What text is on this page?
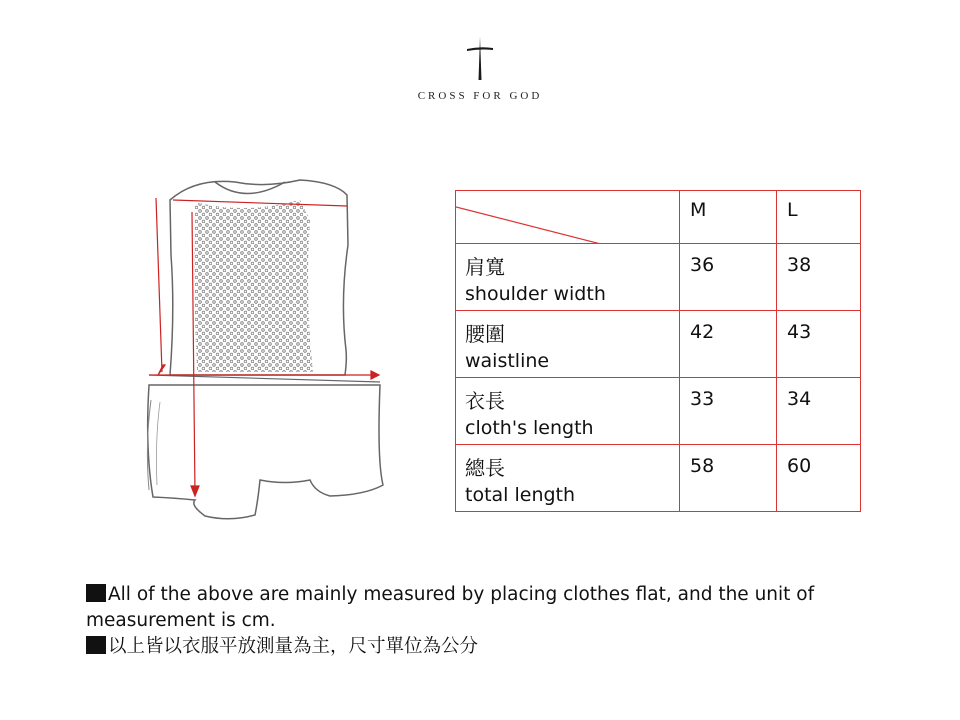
CROSS FOR GOD
	M	L

肩寬
shoulder width	36	38

腰圍
waistline	42	43

衣長
cloth's length	33	34

總長
total length	58	60

All of the above are mainly measured by placing clothes flat, and the unit of measurement is cm.

以上皆以衣服平放測量為主，尺寸單位為公分
